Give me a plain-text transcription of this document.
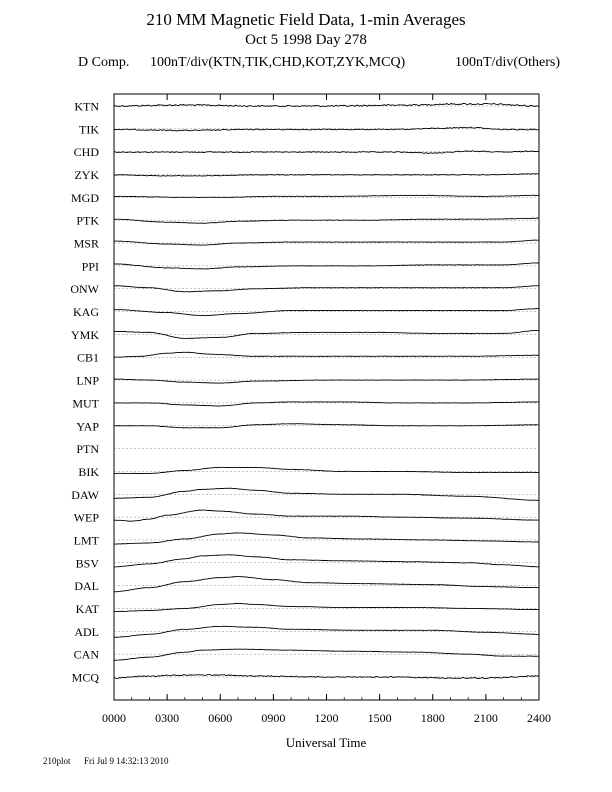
210 MM Magnetic Field Data, 1-min Averages
Oct 5 1998 Day 278
D Comp. 100nT/div(KTN,TIK,CHD,KOT,ZYK,MCQ)	100nT/div(Others)
KTN
TIK
CHD
ZYK
MGD
PTK
MSR
PPI
ONW
KAG
YMK
CB1
LNP
MUT
YAP
PTN
BIK
DAW
WEP
LMT
BSV
DAL
KAT
ADL
CAN
MCQ
0000 0300 0600 0900 1200 1500 1800 2100 2400
Universal Time
210plot Fri Jul 9 14:32:13 2010
